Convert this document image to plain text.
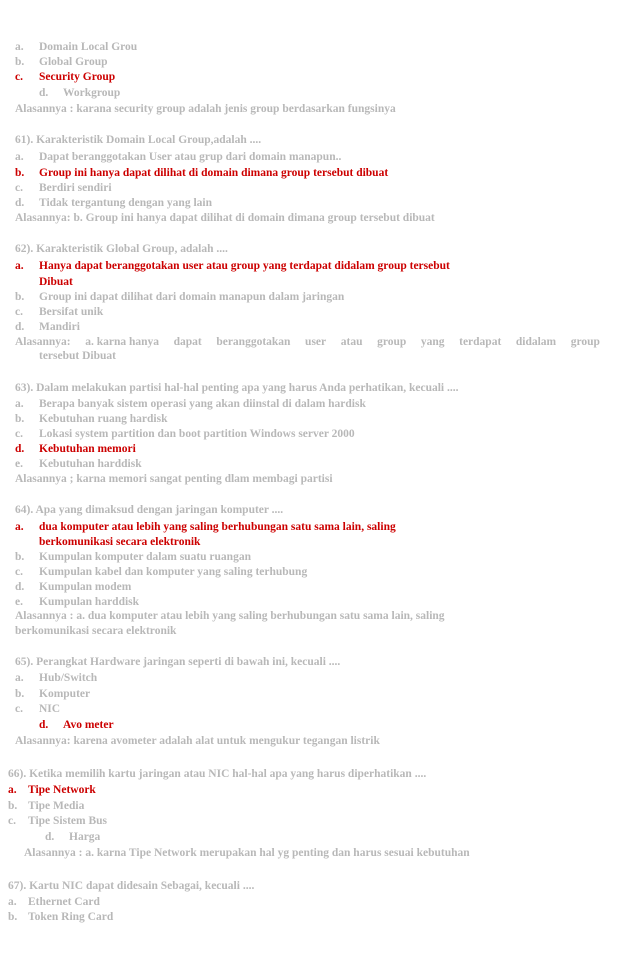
a. Domain Local Grou
b. Global Group
c. Security Group
d. Workgroup
Alasannya : karana security group adalah jenis group berdasarkan fungsinya
61). Karakteristik Domain Local Group,adalah ....
a. Dapat beranggotakan User atau grup dari domain manapun..
b. Group ini hanya dapat dilihat di domain dimana group tersebut dibuat
c. Berdiri sendiri
d. Tidak tergantung dengan yang lain
Alasannya: b. Group ini hanya dapat dilihat di domain dimana group tersebut dibuat
62). Karakteristik Global Group, adalah ....
a. Hanya dapat beranggotakan user atau group yang terdapat didalam group tersebut
Dibuat
b. Group ini dapat dilihat dari domain manapun dalam jaringan
c. Bersifat unik
d. Mandiri
Alasannya: a. karna hanya dapat beranggotakan user atau group yang terdapat didalam group
tersebut Dibuat
63). Dalam melakukan partisi hal-hal penting apa yang harus Anda perhatikan, kecuali ....
a. Berapa banyak sistem operasi yang akan diinstal di dalam hardisk
b. Kebutuhan ruang hardisk
c. Lokasi system partition dan boot partition Windows server 2000
d. Kebutuhan memori
e. Kebutuhan harddisk
Alasannya ; karna memori sangat penting dlam membagi partisi
64). Apa yang dimaksud dengan jaringan komputer ....
a. dua komputer atau lebih yang saling berhubungan satu sama lain, saling
berkomunikasi secara elektronik
b. Kumpulan komputer dalam suatu ruangan
c. Kumpulan kabel dan komputer yang saling terhubung
d. Kumpulan modem
e. Kumpulan harddisk
Alasannya : a. dua komputer atau lebih yang saling berhubungan satu sama lain, saling
berkomunikasi secara elektronik
65). Perangkat Hardware jaringan seperti di bawah ini, kecuali ....
a. Hub/Switch
b. Komputer
c. NIC
d. Avo meter
Alasannya: karena avometer adalah alat untuk mengukur tegangan listrik
66). Ketika memilih kartu jaringan atau NIC hal-hal apa yang harus diperhatikan ....
a. Tipe Network
b. Tipe Media
c. Tipe Sistem Bus
d. Harga
Alasannya : a. karna Tipe Network merupakan hal yg penting dan harus sesuai kebutuhan
67). Kartu NIC dapat didesain Sebagai, kecuali ....
a. Ethernet Card
b. Token Ring Card
